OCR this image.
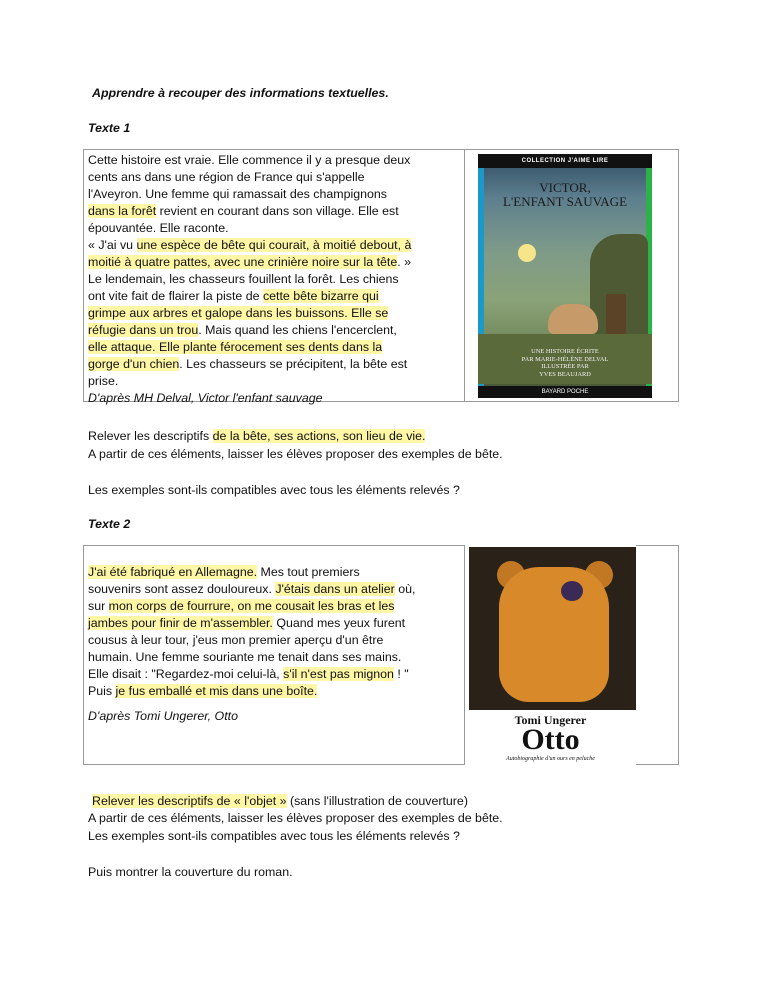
Apprendre à recouper des informations textuelles.
Texte 1
Cette histoire est vraie. Elle commence il y a presque deux
cents ans dans une région de France qui s'appelle
l'Aveyron. Une femme qui ramassait des champignons
dans la forêt revient en courant dans son village. Elle est
épouvantée. Elle raconte.
« J'ai vu une espèce de bête qui courait, à moitié debout, à
moitié à quatre pattes, avec une crinière noire sur la tête. »
Le lendemain, les chasseurs fouillent la forêt. Les chiens
ont vite fait de flairer la piste de cette bête bizarre qui
grimpe aux arbres et galope dans les buissons. Elle se
réfugie dans un trou. Mais quand les chiens l'encerclent,
elle attaque. Elle plante férocement ses dents dans la
gorge d'un chien. Les chasseurs se précipitent, la bête est
prise.
D'après MH Delval, Victor l'enfant sauvage
COLLECTION J'AIME LIRE
VICTOR,
L'ENFANT SAUVAGE
UNE HISTOIRE ÉCRITE
PAR MARIE-HÉLÈNE DELVAL
ILLUSTRÉE PAR
YVES BEAUJARD
BAYARD POCHE
Relever les descriptifs de la bête, ses actions, son lieu de vie.
A partir de ces éléments, laisser les élèves proposer des exemples de bête.
Les exemples sont-ils compatibles avec tous les éléments relevés ?
Texte 2
J'ai été fabriqué en Allemagne. Mes tout premiers
souvenirs sont assez douloureux. J'étais dans un atelier où,
sur mon corps de fourrure, on me cousait les bras et les
jambes pour finir de m'assembler. Quand mes yeux furent
cousus à leur tour, j'eus mon premier aperçu d'un être
humain. Une femme souriante me tenait dans ses mains.
Elle disait : "Regardez-moi celui-là, s'il n'est pas mignon ! "
Puis je fus emballé et mis dans une boîte.
D'après Tomi Ungerer, Otto	Tomi Ungerer
Otto
Autobiographie d'un ours en peluche
Relever les descriptifs de « l'objet » (sans l'illustration de couverture)
A partir de ces éléments, laisser les élèves proposer des exemples de bête.
Les exemples sont-ils compatibles avec tous les éléments relevés ?
Puis montrer la couverture du roman.
